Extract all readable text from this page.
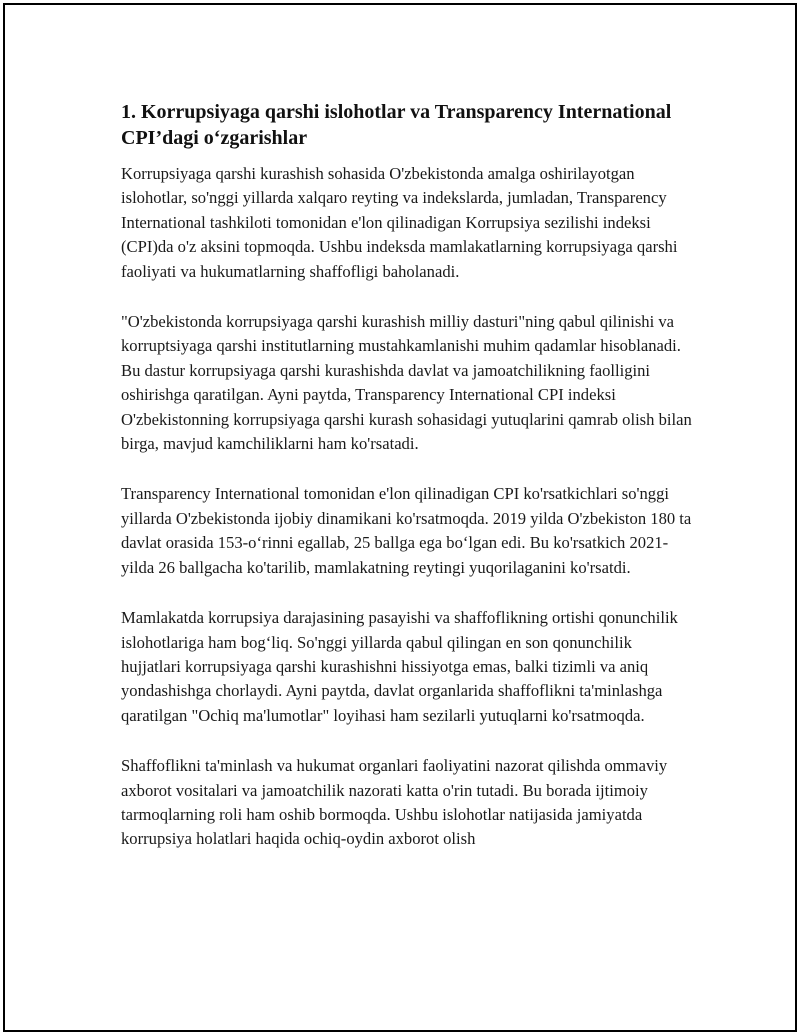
1. Korrupsiyaga qarshi islohotlar va Transparency International CPI’dagi o‘zgarishlar

Korrupsiyaga qarshi kurashish sohasida O'zbekistonda amalga oshirilayotgan islohotlar, so'nggi yillarda xalqaro reyting va indekslarda, jumladan, Transparency International tashkiloti tomonidan e'lon qilinadigan Korrupsiya sezilishi indeksi (CPI)da o'z aksini topmoqda. Ushbu indeksda mamlakatlarning korrupsiyaga qarshi faoliyati va hukumatlarning shaffofligi baholanadi.

"O'zbekistonda korrupsiyaga qarshi kurashish milliy dasturi"ning qabul qilinishi va korruptsiyaga qarshi institutlarning mustahkamlanishi muhim qadamlar hisoblanadi. Bu dastur korrupsiyaga qarshi kurashishda davlat va jamoatchilikning faolligini oshirishga qaratilgan. Ayni paytda, Transparency International CPI indeksi O'zbekistonning korrupsiyaga qarshi kurash sohasidagi yutuqlarini qamrab olish bilan birga, mavjud kamchiliklarni ham ko'rsatadi.

Transparency International tomonidan e'lon qilinadigan CPI ko'rsatkichlari so'nggi yillarda O'zbekistonda ijobiy dinamikani ko'rsatmoqda. 2019 yilda O'zbekiston 180 ta davlat orasida 153-o‘rinni egallab, 25 ballga ega bo‘lgan edi. Bu ko'rsatkich 2021-yilda 26 ballgacha ko'tarilib, mamlakatning reytingi yuqorilaganini ko'rsatdi.

Mamlakatda korrupsiya darajasining pasayishi va shaffoflikning ortishi qonunchilik islohotlariga ham bog‘liq. So'nggi yillarda qabul qilingan en son qonunchilik hujjatlari korrupsiyaga qarshi kurashishni hissiyotga emas, balki tizimli va aniq yondashishga chorlaydi. Ayni paytda, davlat organlarida shaffoflikni ta'minlashga qaratilgan "Ochiq ma'lumotlar" loyihasi ham sezilarli yutuqlarni ko'rsatmoqda.

Shaffoflikni ta'minlash va hukumat organlari faoliyatini nazorat qilishda ommaviy axborot vositalari va jamoatchilik nazorati katta o'rin tutadi. Bu borada ijtimoiy tarmoqlarning roli ham oshib bormoqda. Ushbu islohotlar natijasida jamiyatda korrupsiya holatlari haqida ochiq-oydin axborot olish
